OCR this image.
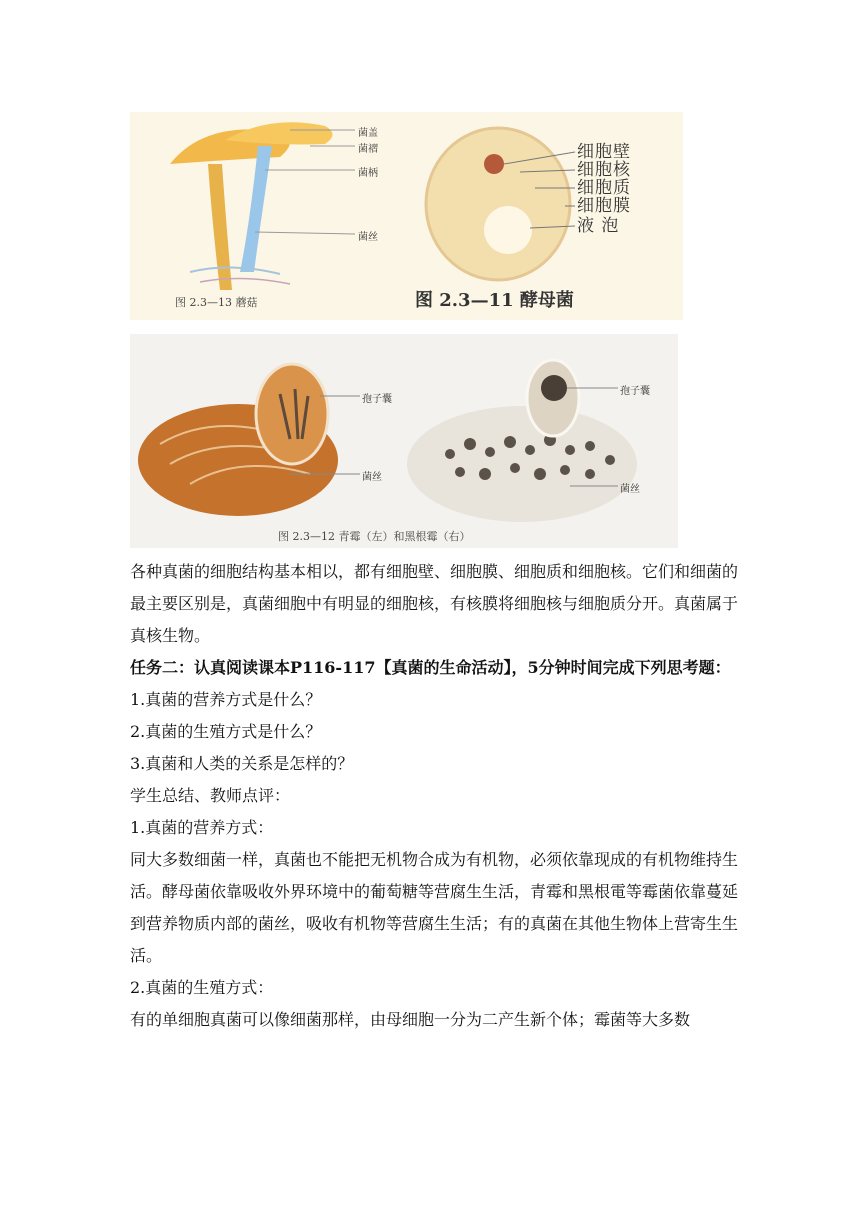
菌盖
菌褶
菌柄
菌丝
图 2.3—13 蘑菇
细胞壁
细胞核
细胞质
细胞膜
液 泡
图 2.3—11 酵母菌
孢子囊
菌丝
孢子囊
菌丝
图 2.3—12 青霉（左）和黑根霉（右）

各种真菌的细胞结构基本相以，都有细胞壁、细胞膜、细胞质和细胞核。它们和细菌的最主要区别是，真菌细胞中有明显的细胞核，有核膜将细胞核与细胞质分开。真菌属于真核生物。

任务二：认真阅读课本P116-117【真菌的生命活动】，5分钟时间完成下列思考题：

1.真菌的营养方式是什么？

2.真菌的生殖方式是什么？

3.真菌和人类的关系是怎样的？

学生总结、教师点评：

1.真菌的营养方式：

同大多数细菌一样，真菌也不能把无机物合成为有机物，必须依靠现成的有机物维持生活。酵母菌依靠吸收外界环境中的葡萄糖等营腐生生活，青霉和黑根電等霉菌依靠蔓延到营养物质内部的菌丝，吸收有机物等营腐生生活；有的真菌在其他生物体上营寄生生活。

2.真菌的生殖方式：

有的单细胞真菌可以像细菌那样，由母细胞一分为二产生新个体；霉菌等大多数
